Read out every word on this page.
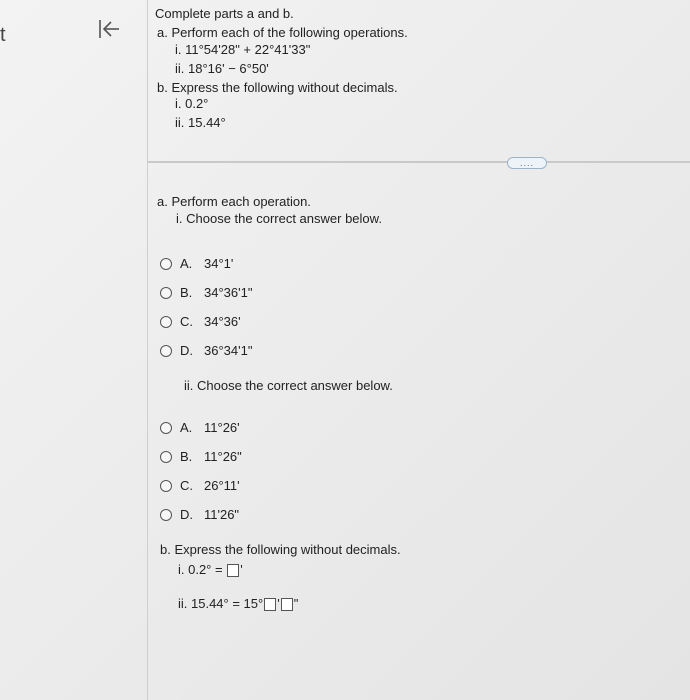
t
Complete parts a and b.
a. Perform each of the following operations.
i. 11°54'28" + 22°41'33"
ii. 18°16' − 6°50'
b. Express the following without decimals.
i. 0.2°
ii. 15.44°
....
a. Perform each operation.
i. Choose the correct answer below.
A. 34°1'
B. 34°36'1"
C. 34°36'
D. 36°34'1"
ii. Choose the correct answer below.
A. 11°26'
B. 11°26"
C. 26°11'
D. 11'26"
b. Express the following without decimals.
i. 0.2° = '
ii. 15.44° = 15° ' "
